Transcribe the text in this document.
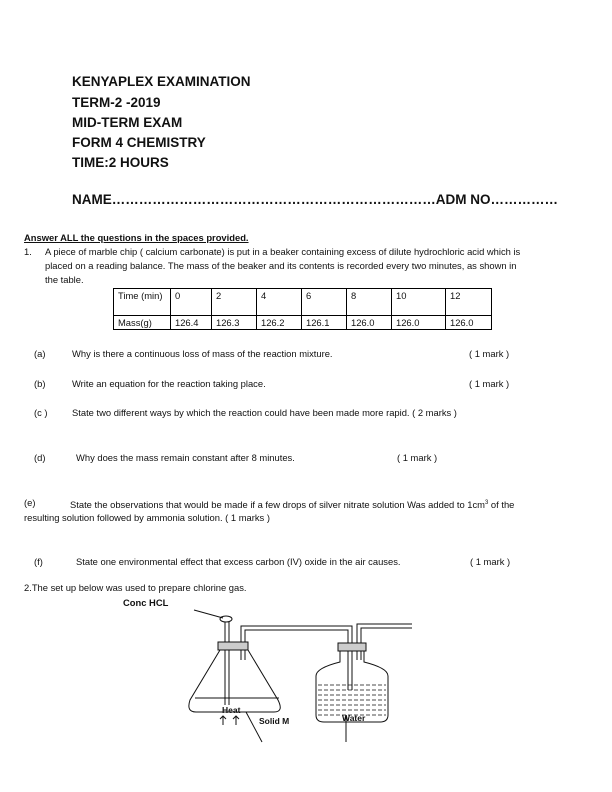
KENYAPLEX EXAMINATION
TERM-2 -2019
MID-TERM EXAM
FORM 4 CHEMISTRY
TIME:2 HOURS
NAME………………………………………………………………ADM NO……………
Answer ALL the questions in the spaces provided.
1. A piece of marble chip ( calcium carbonate) is put in a beaker containing excess of dilute hydrochloric acid which is
placed on a reading balance. The mass of the beaker and its contents is recorded every two minutes, as shown in
the table.
Time (min)	0	2	4	6	8	10	12
Mass(g)	126.4	126.3	126.2	126.1	126.0	126.0	126.0
(a)	Why is there a continuous loss of mass of the reaction mixture.	( 1 mark )
(b)	Write an equation for the reaction taking place.	( 1 mark )
(c )	State two different ways by which the reaction could have been made more rapid. ( 2 marks )
(d)	Why does the mass remain constant after 8 minutes.	( 1 mark )
(e)	State the observations that would be made if a few drops of silver nitrate solution Was added to $1cm^3$ of the
resulting solution followed by ammonia solution. ( 1 marks )
(f)	State one environmental effect that excess carbon (IV) oxide in the air causes.	( 1 mark )
2.The set up below was used to prepare chlorine gas.
Conc HCL
Heat
Solid M	Water
